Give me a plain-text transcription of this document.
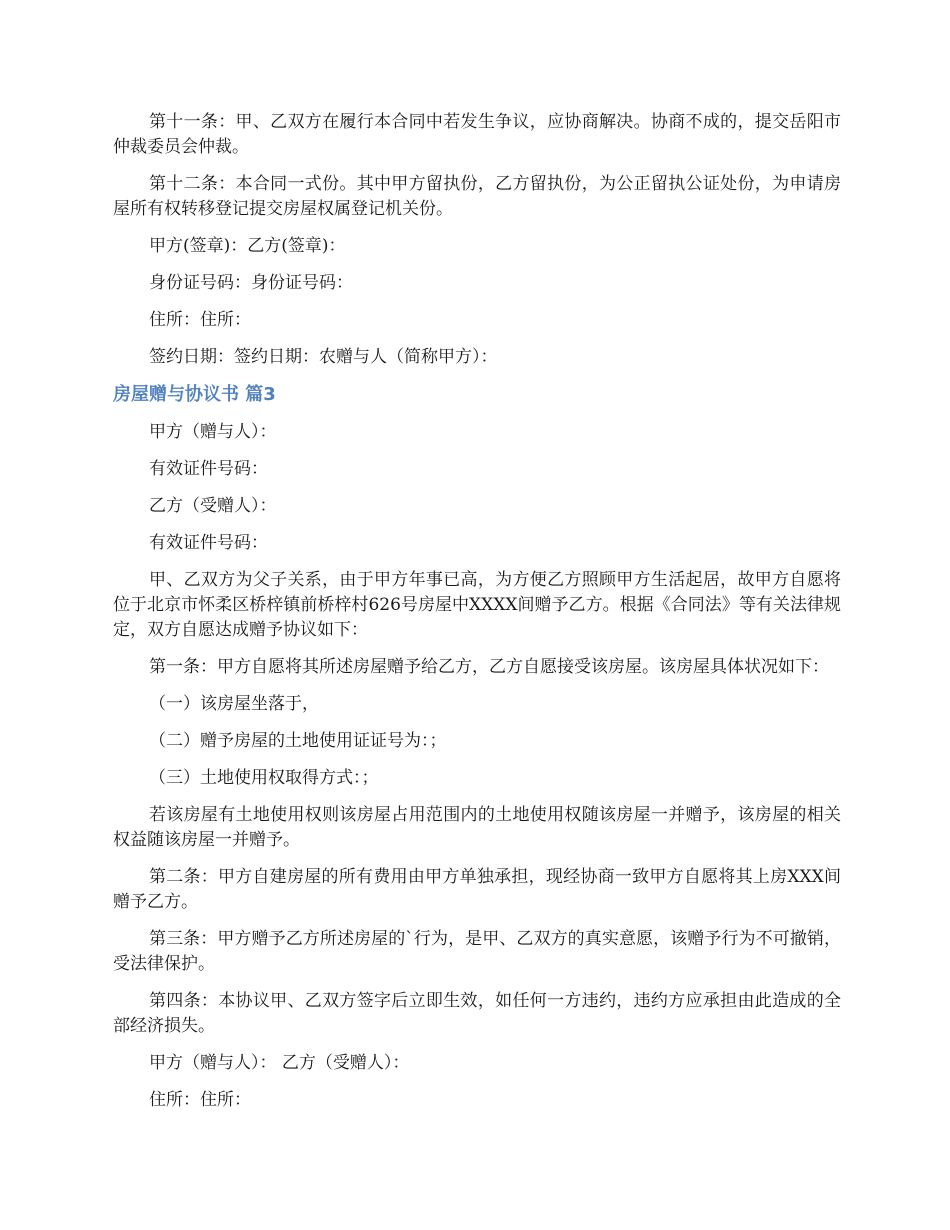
第十一条：甲、乙双方在履行本合同中若发生争议，应协商解决。协商不成的，提交岳阳市仲裁委员会仲裁。

第十二条：本合同一式份。其中甲方留执份，乙方留执份，为公正留执公证处份，为申请房屋所有权转移登记提交房屋权属登记机关份。

甲方(签章)：乙方(签章)：

身份证号码：身份证号码：

住所：住所：

签约日期：签约日期：农赠与人（简称甲方）：

房屋赠与协议书 篇3

甲方（赠与人）：

有效证件号码：

乙方（受赠人）：

有效证件号码：

甲、乙双方为父子关系，由于甲方年事已高，为方便乙方照顾甲方生活起居，故甲方自愿将位于北京市怀柔区桥梓镇前桥梓村626号房屋中XXXX间赠予乙方。根据《合同法》等有关法律规定，双方自愿达成赠予协议如下：

第一条：甲方自愿将其所述房屋赠予给乙方，乙方自愿接受该房屋。该房屋具体状况如下：

（一）该房屋坐落于，

（二）赠予房屋的土地使用证证号为：；

（三）土地使用权取得方式：；

若该房屋有土地使用权则该房屋占用范围内的土地使用权随该房屋一并赠予，该房屋的相关权益随该房屋一并赠予。

第二条：甲方自建房屋的所有费用由甲方单独承担，现经协商一致甲方自愿将其上房XXX间赠予乙方。

第三条：甲方赠予乙方所述房屋的`行为，是甲、乙双方的真实意愿，该赠予行为不可撤销，受法律保护。

第四条：本协议甲、乙双方签字后立即生效，如任何一方违约，违约方应承担由此造成的全部经济损失。

甲方（赠与人）： 乙方（受赠人）：

住所：住所：
